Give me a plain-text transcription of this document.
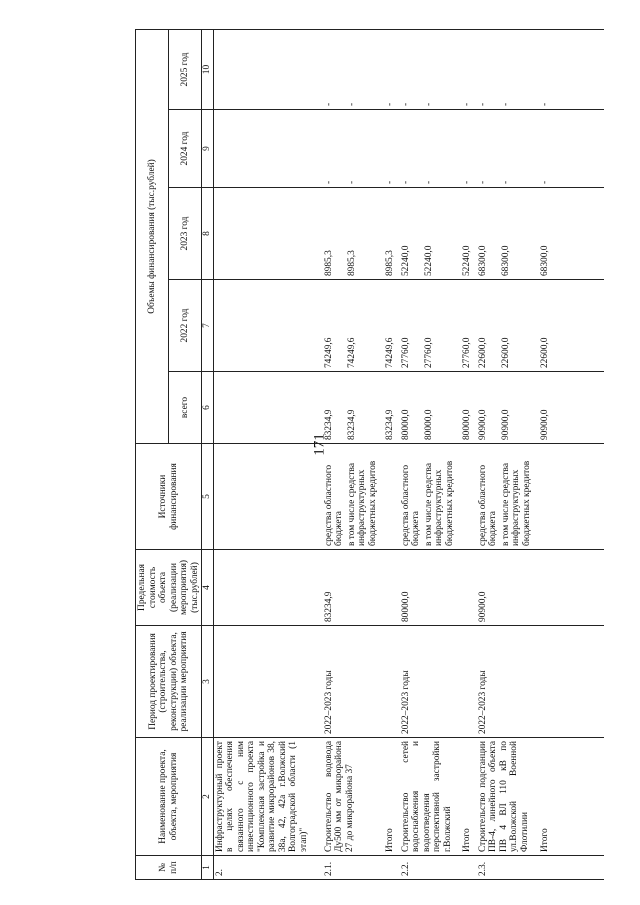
171
№ п/п	Наименование проекта, объекта, мероприятия	Период проектирования (строительства, реконструкции) объекта, реализации мероприятия	Предельная стоимость объекта (реализации мероприятия) (тыс.рублей)	Источники финансирования	Объемы финансирования (тыс.рублей)				
					всего	2022 год	2023 год	2024 год	2025 год
1	2	3	4	5	6	7	8	9	10
2.	Инфраструктурный проект в целях обеспечения связанного с ним инвестиционного проекта "Комплексная застройка и развитие микрорайонов 38, 38а, 42, 42а г.Волжский Волгоградской области (1 этап)"								

2.1.	Строительство водовода Ду500 мм от микрорайона 27 до микрорайона 37	2022–2023 годы	83234,9	средства областного бюджета	83234,9	74249,6	8985,3	-	-
				в том числе средства инфраструктурных бюджетных кредитов	83234,9	74249,6	8985,3	-	-
	Итого				83234,9	74249,6	8985,3	-	-
2.2.	Строительство сетей водоснабжения и водоотведения перспективной застройки г.Волжский	2022–2023 годы	80000,0	средства областного бюджета	80000,0	27760,0	52240,0	-	-
				в том числе средства инфраструктурных бюджетных кредитов	80000,0	27760,0	52240,0	-	-
	Итого				80000,0	27760,0	52240,0	-	-
2.3.	Строительство подстанции ПВ-4, линейного объекта ПВ 4 ВЛ 110 кВ по ул.Волжской Военной Флотилии	2022–2023 годы	90900,0	средства областного бюджета	90900,0	22600,0	68300,0	-	-
				в том числе средства инфраструктурных бюджетных кредитов	90900,0	22600,0	68300,0	-	-
	Итого				90900,0	22600,0	68300,0	-	-
